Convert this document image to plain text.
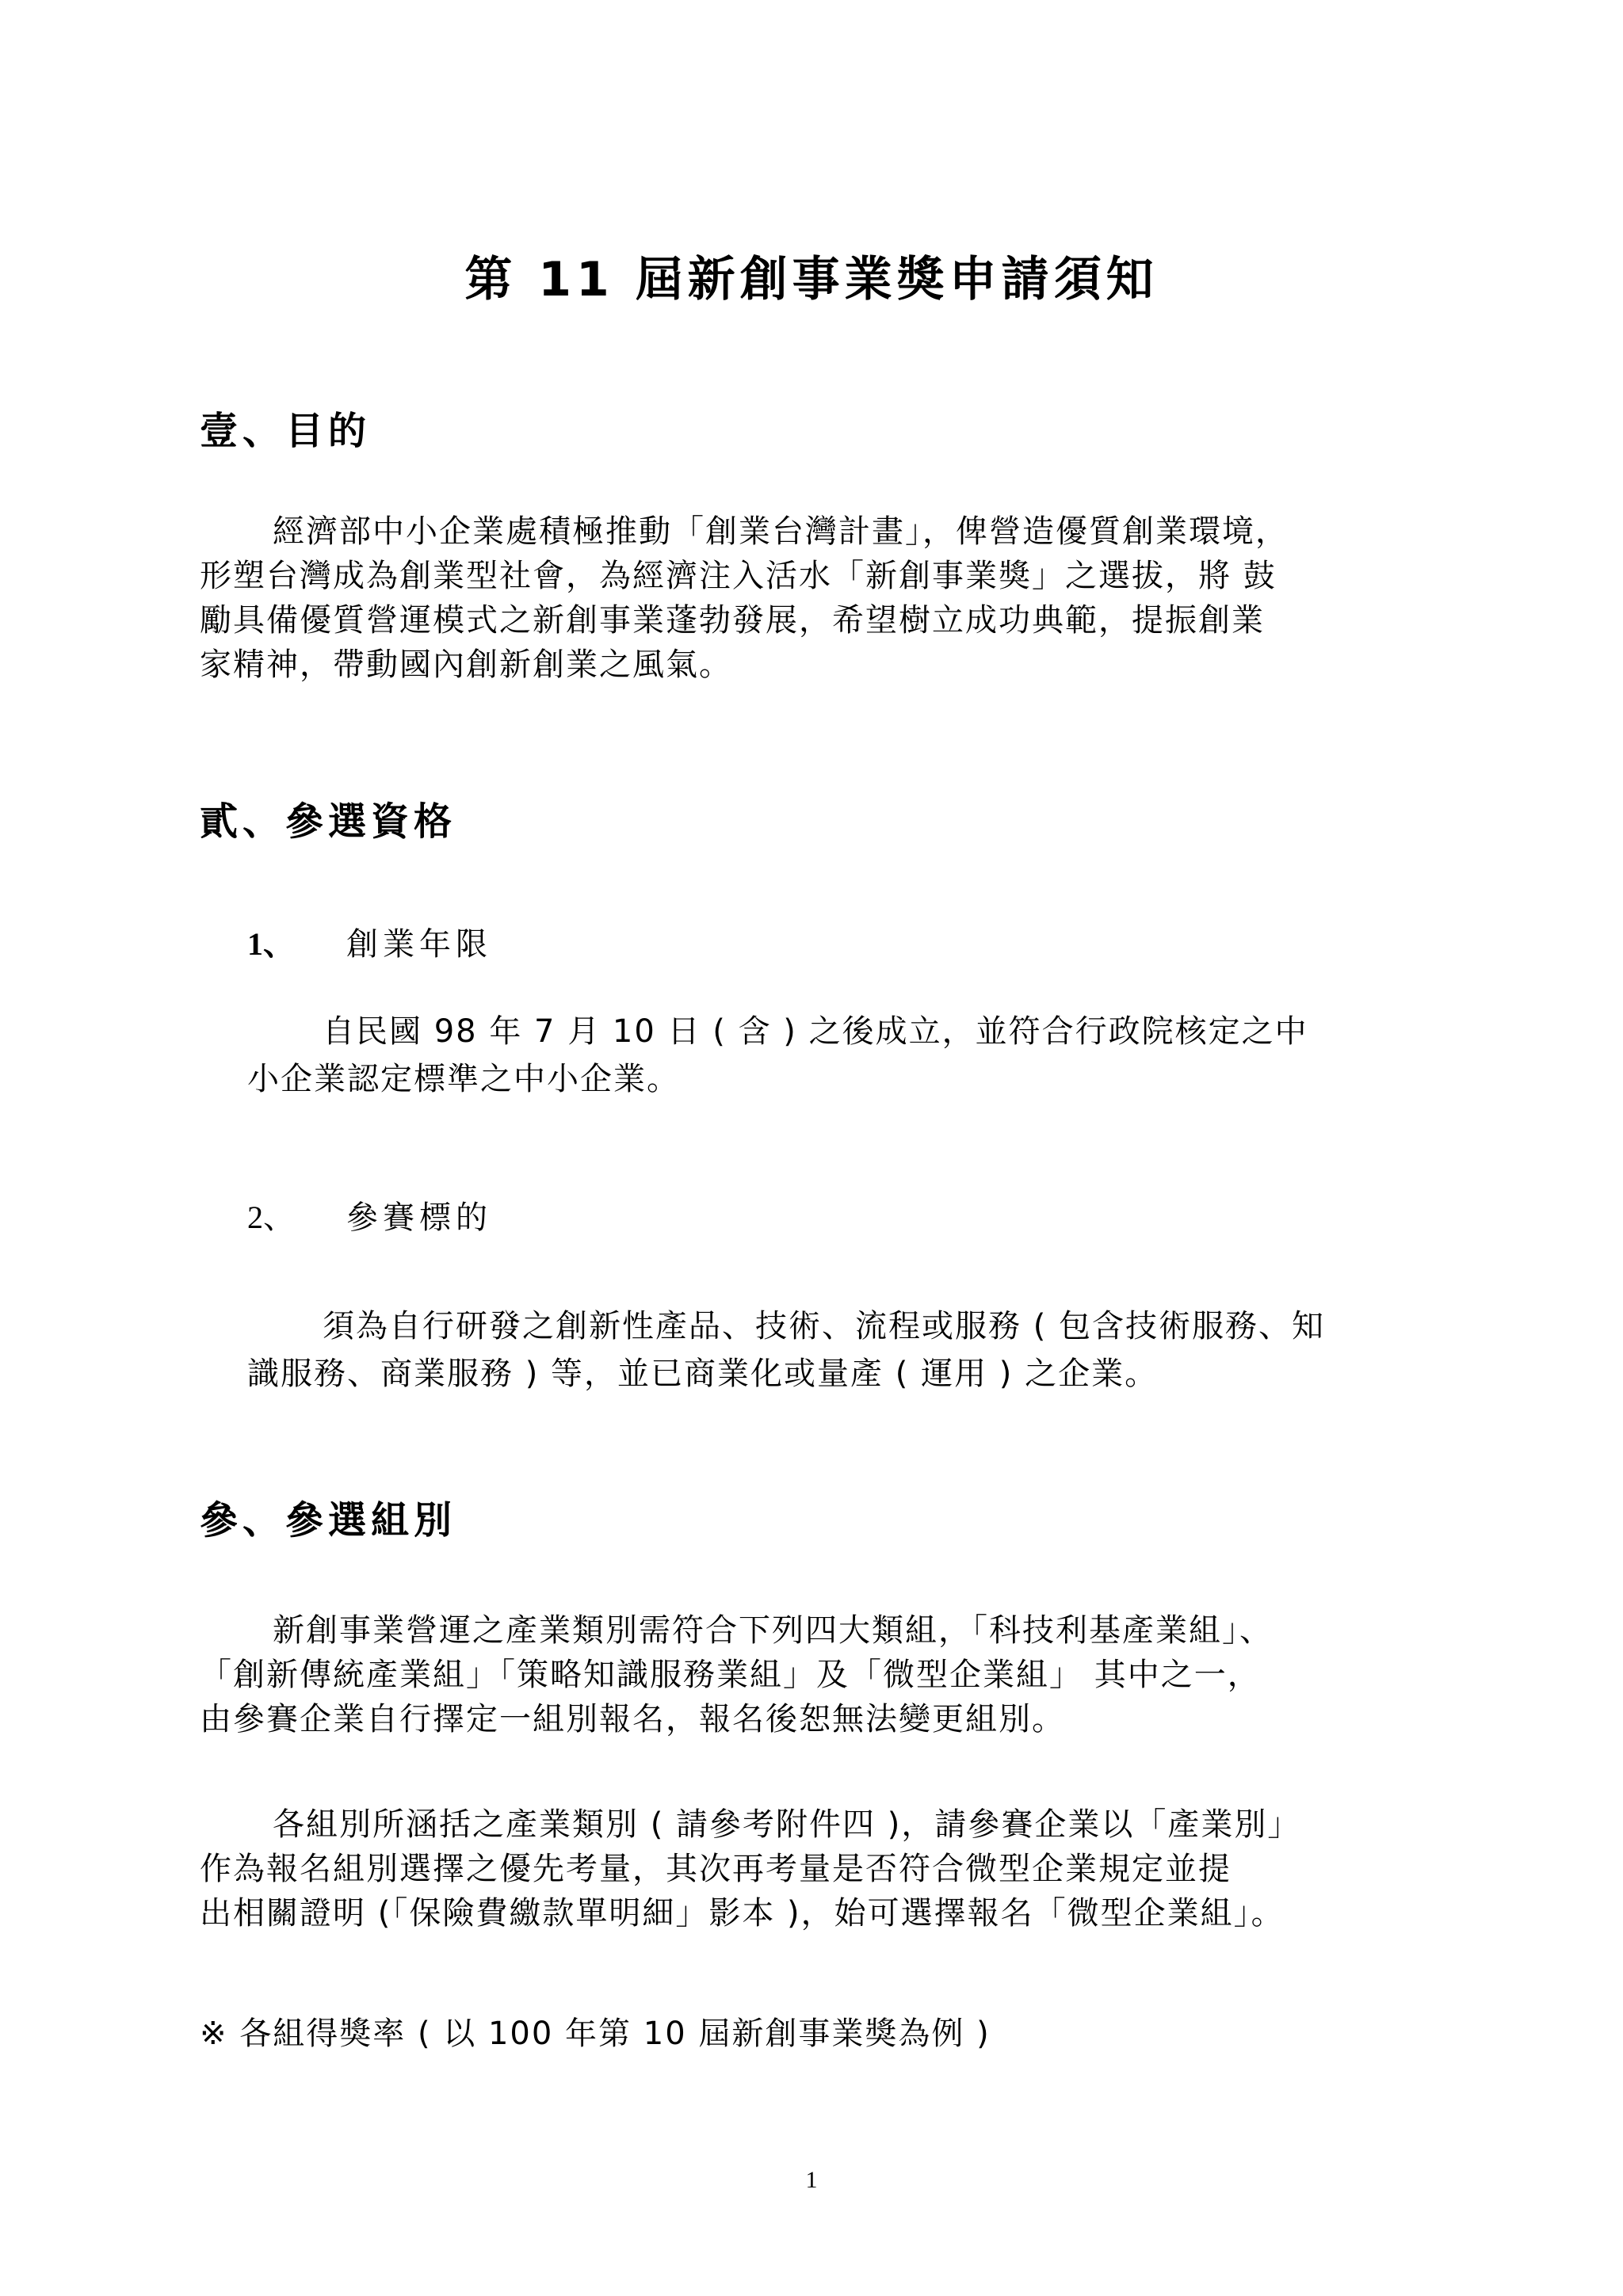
第 11 屆新創事業獎申請須知
壹、目的

經濟部中小企業處積極推動「創業台灣計畫」，俾營造優質創業環境，
形塑台灣成為創業型社會，為經濟注入活水「新創事業獎」之選拔，將 鼓
勵具備優質營運模式之新創事業蓬勃發展，希望樹立成功典範，提振創業
家精神，帶動國內創新創業之風氣。

貳、參選資格

1、 創業年限

自民國 98 年 7 月 10 日 ( 含 ) 之後成立，並符合行政院核定之中
小企業認定標準之中小企業。

2、 參賽標的

須為自行研發之創新性產品、技術、流程或服務 ( 包含技術服務、知
識服務、商業服務 ) 等，並已商業化或量產 ( 運用 ) 之企業。

參、參選組別

新創事業營運之產業類別需符合下列四大類組，「科技利基產業組」、
「創新傳統產業組」「策略知識服務業組」及「微型企業組」 其中之一，
由參賽企業自行擇定一組別報名，報名後恕無法變更組別。

各組別所涵括之產業類別 ( 請參考附件四 )，請參賽企業以「產業別」
作為報名組別選擇之優先考量，其次再考量是否符合微型企業規定並提
出相關證明 (「保險費繳款單明細」影本 )，始可選擇報名「微型企業組」。

※ 各組得獎率 ( 以 100 年第 10 屆新創事業獎為例 )

1
